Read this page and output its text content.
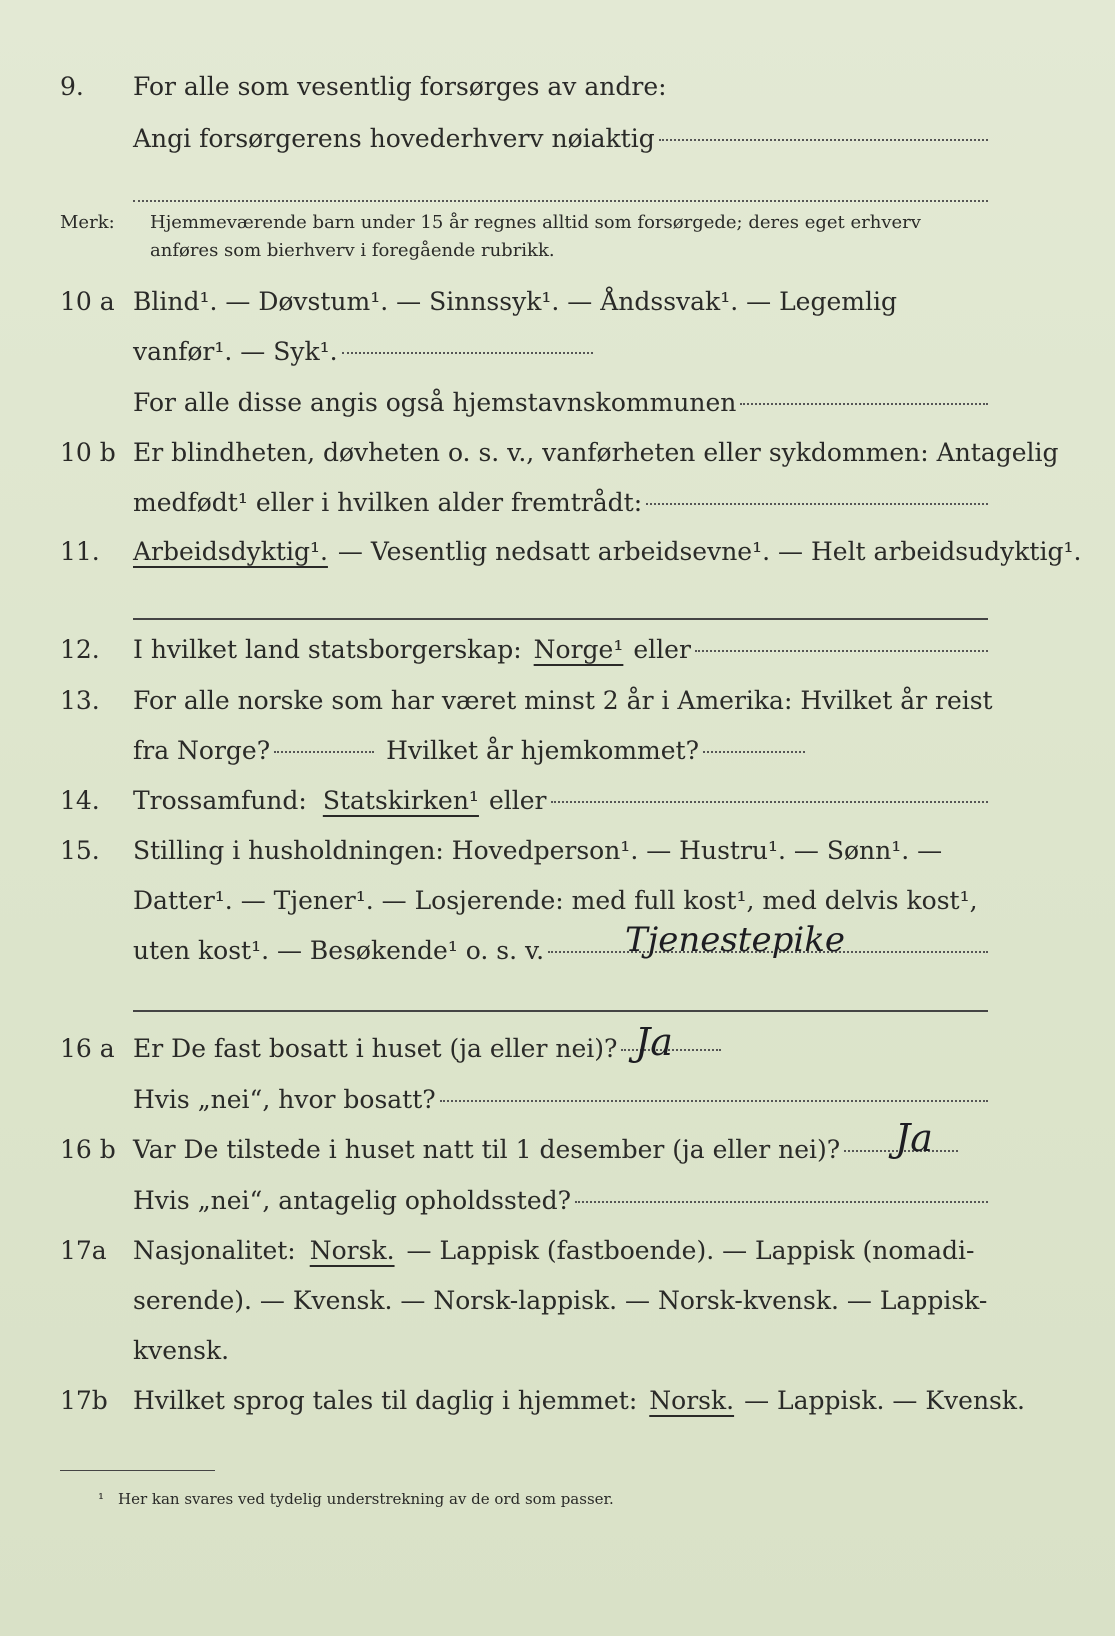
9. For alle som vesentlig forsørges av andre:
Angi forsørgerens hovederhverv nøiaktig
Merk: Hjemmeværende barn under 15 år regnes alltid som forsørgede; deres eget erhverv
anføres som bierhverv i foregående rubrikk.
10 a Blind¹. — Døvstum¹. — Sinnssyk¹. — Åndssvak¹. — Legemlig
vanfør¹. — Syk¹.
For alle disse angis også hjemstavnskommunen
10 b Er blindheten, døvheten o. s. v., vanførheten eller sykdommen: Antagelig
medfødt¹ eller i hvilken alder fremtrådt:
11. Arbeidsdyktig¹. — Vesentlig nedsatt arbeidsevne¹. — Helt arbeidsudyktig¹.
12. I hvilket land statsborgerskap: Norge¹ eller
13. For alle norske som har været minst 2 år i Amerika: Hvilket år reist
fra Norge?	Hvilket år hjemkommet?
14. Trossamfund: Statskirken¹ eller
15. Stilling i husholdningen: Hovedperson¹. — Hustru¹. — Sønn¹. —
Datter¹. — Tjener¹. — Losjerende: med full kost¹, med delvis kost¹,
uten kost¹. — Besøkende¹ o. s. v. Tjenestepike
16 a Er De fast bosatt i huset (ja eller nei)? Ja
Hvis „nei“, hvor bosatt?
16 b Var De tilstede i huset natt til 1 desember (ja eller nei)? Ja
Hvis „nei“, antagelig opholdssted?
17a Nasjonalitet: Norsk. — Lappisk (fastboende). — Lappisk (nomadi-
serende). — Kvensk. — Norsk-lappisk. — Norsk-kvensk. — Lappisk-
kvensk.
17b Hvilket sprog tales til daglig i hjemmet: Norsk. — Lappisk. — Kvensk.
¹ Her kan svares ved tydelig understrekning av de ord som passer.
